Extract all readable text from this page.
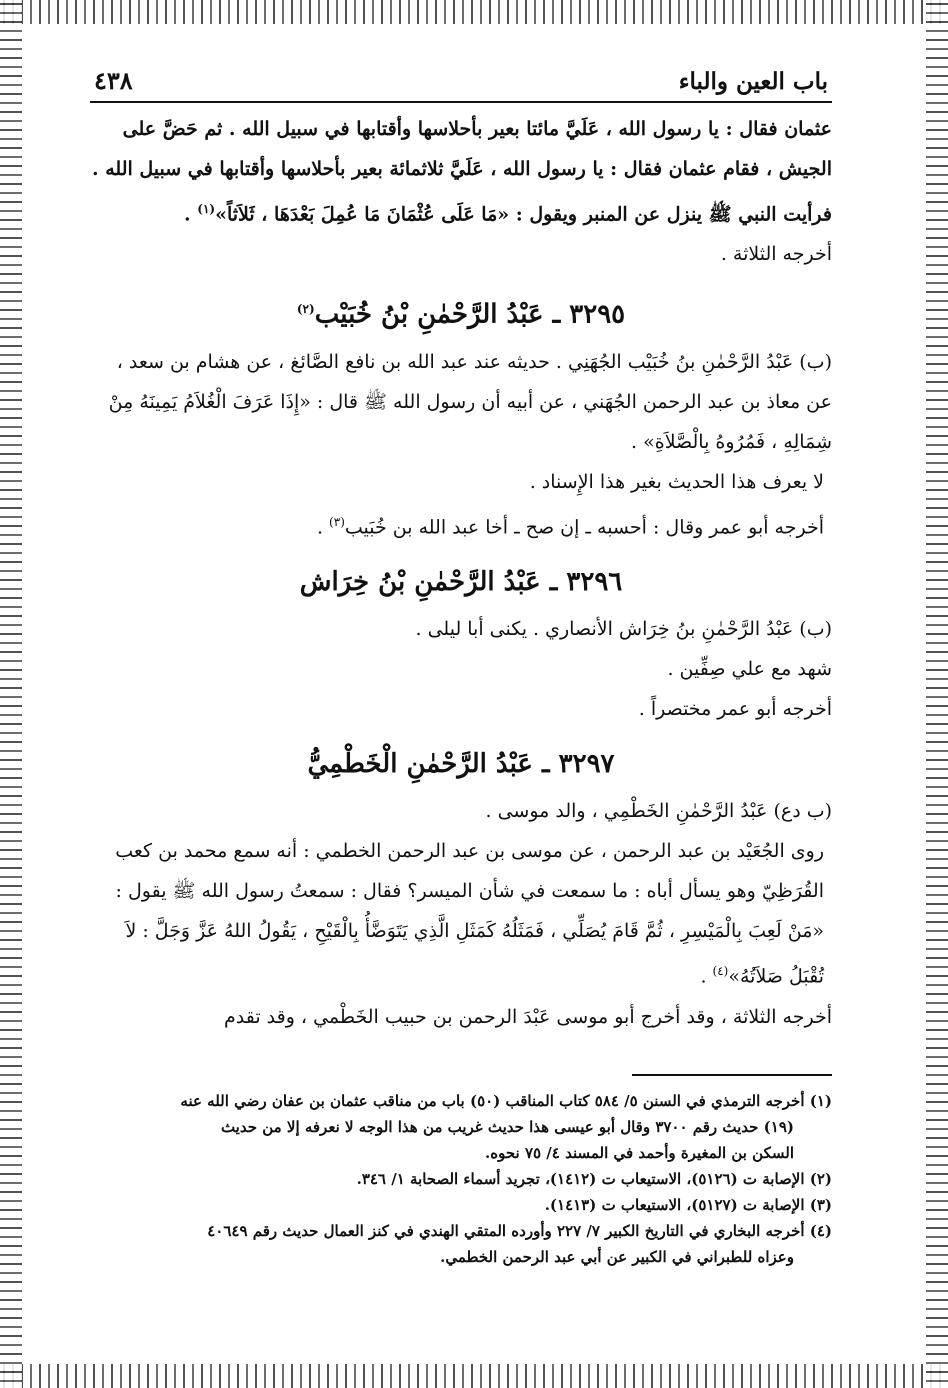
باب العين والباء
٤٣٨

عثمان فقال : يا رسول الله ، عَلَيَّ مائتا بعير بأحلاسها وأقتابها في سبيل الله . ثم حَضَّ على الجيش ، فقام عثمان فقال : يا رسول الله ، عَلَيَّ ثلاثمائة بعير بأحلاسها وأقتابها في سبيل الله . فرأيت النبي ﷺ ينزل عن المنبر ويقول : «مَا عَلَى عُثْمَانَ مَا عُمِلَ بَعْدَهَا ، ثَلاَثاً»$^{(١)}$ .

أخرجه الثلاثة .

٣٢٩٥ ـ عَبْدُ الرَّحْمٰنِ بْنُ خُبَيْب$^{(٢)}$

(ب) عَبْدُ الرَّحْمٰنِ بنُ خُبَيْب الجُهَنِي . حديثه عند عبد الله بن نافع الصَّائغ ، عن هشام بن سعد ، عن معاذ بن عبد الرحمن الجُهَني ، عن أبيه أن رسول الله ﷺ قال : «إِذَا عَرَفَ الْغُلاَمُ يَمِينَهُ مِنْ شِمَالِهِ ، فَمُرُوهُ بِالْصَّلاَةِ» .

لا يعرف هذا الحديث بغير هذا الإِسناد .

أخرجه أبو عمر وقال : أحسبه ـ إن صح ـ أخا عبد الله بن خُبَيب$^{(٣)}$ .

٣٢٩٦ ـ عَبْدُ الرَّحْمٰنِ بْنُ خِرَاش

(ب) عَبْدُ الرَّحْمٰنِ بنُ خِرَاش الأنصاري . يكنى أبا ليلى .

شهد مع علي صِفِّين .

أخرجه أبو عمر مختصراً .

٣٢٩٧ ـ عَبْدُ الرَّحْمٰنِ الْخَطْمِيُّ

(ب دع) عَبْدُ الرَّحْمٰنِ الخَطْمِي ، والد موسى .

روى الجُعَيْد بن عبد الرحمن ، عن موسى بن عبد الرحمن الخطمي : أنه سمع محمد بن كعب القُرَظِيّ وهو يسأل أباه : ما سمعت في شأن الميسر؟ فقال : سمعتُ رسول الله ﷺ يقول : «مَنْ لَعِبَ بِالْمَيْسِرِ ، ثُمَّ قَامَ يُصَلِّي ، فَمَثَلُهُ كَمَثَلِ الَّذِي يَتَوَضَّأُ بِالْقَيْحِ ، يَقُولُ اللهُ عَزَّ وَجَلَّ : لاَ تُقْبَلُ صَلاَتُهُ»$^{(٤)}$ .

أخرجه الثلاثة ، وقد أخرج أبو موسى عَبْدَ الرحمن بن حبيب الخَطْمي ، وقد تقدم

(١) أخرجه الترمذي في السنن ٥/ ٥٨٤ كتاب المناقب (٥٠) باب من مناقب عثمان بن عفان رضي الله عنه
(١٩) حديث رقم ٣٧٠٠ وقال أبو عيسى هذا حديث غريب من هذا الوجه لا نعرفه إلا من حديث
السكن بن المغيرة وأحمد في المسند ٤/ ٧٥ نحوه.
(٢) الإصابة ت (٥١٢٦)، الاستيعاب ت (١٤١٢)، تجريد أسماء الصحابة ١/ ٣٤٦.
(٣) الإصابة ت (٥١٢٧)، الاستيعاب ت (١٤١٣).
(٤) أخرجه البخاري في التاريخ الكبير ٧/ ٢٢٧ وأورده المتقي الهندي في كنز العمال حديث رقم ٤٠٦٤٩
وعزاه للطبراني في الكبير عن أبي عبد الرحمن الخطمي.
